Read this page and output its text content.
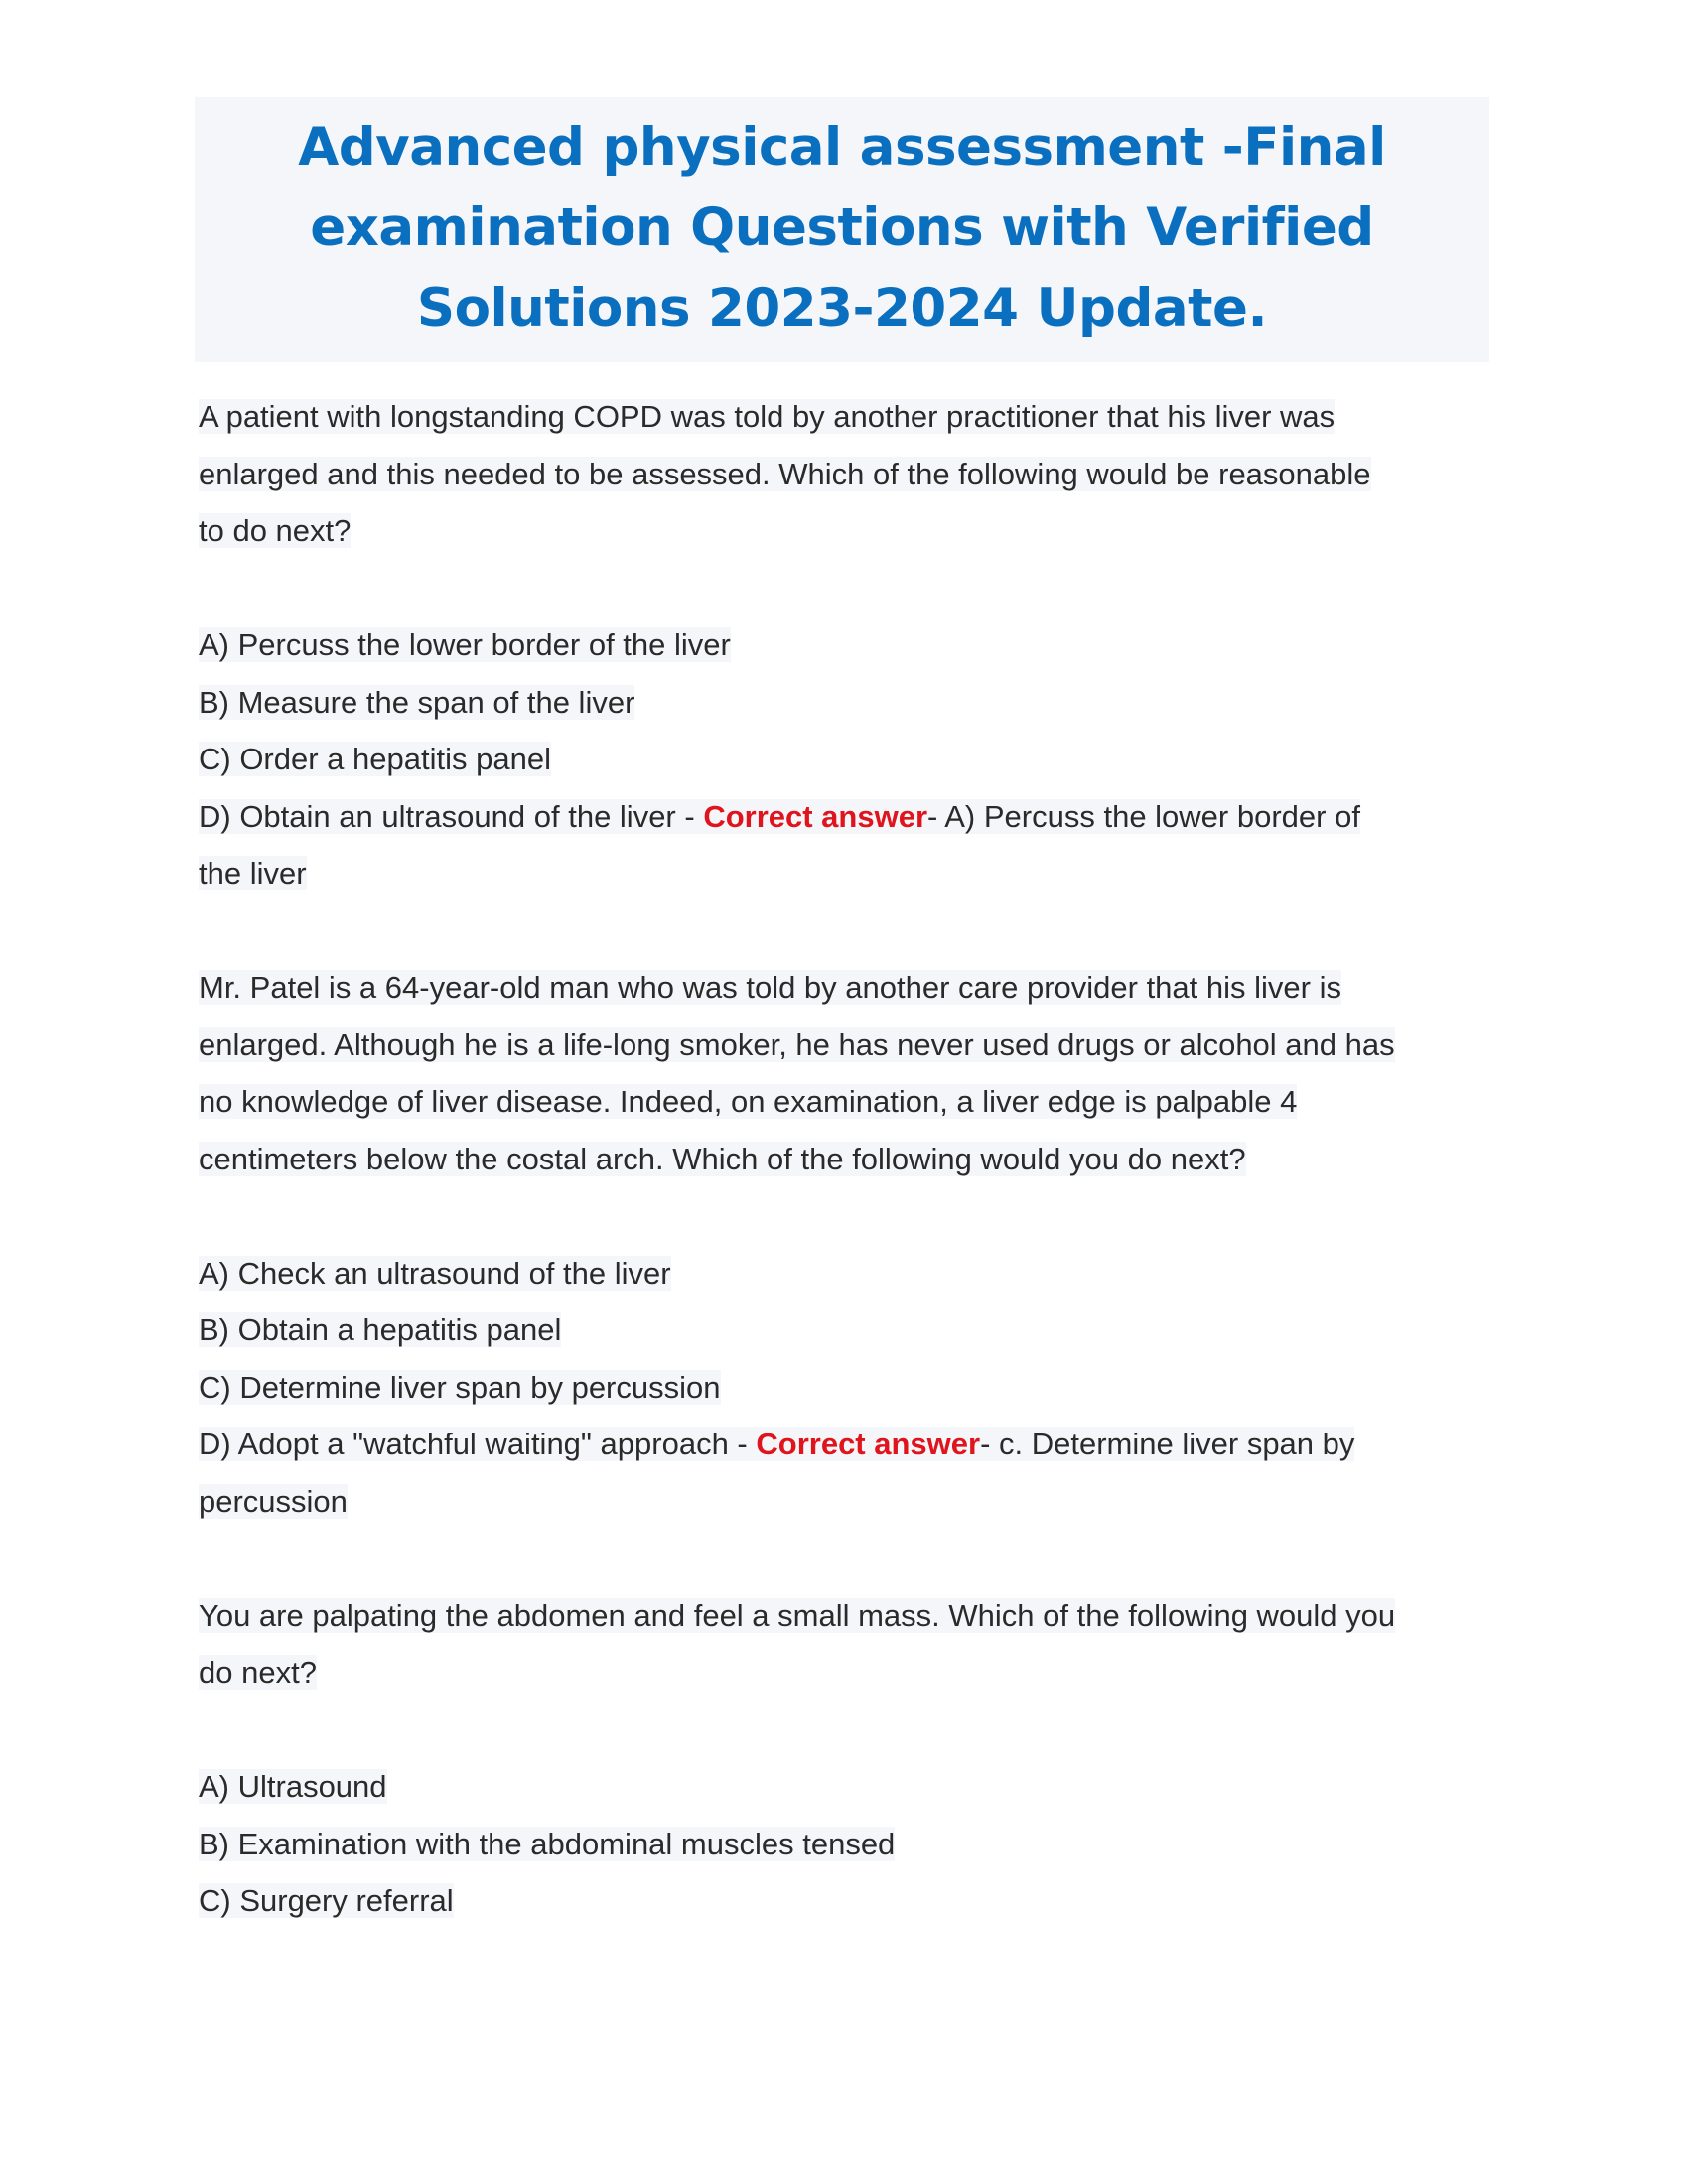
Advanced physical assessment -Final
examination Questions with Verified
Solutions 2023-2024 Update.
A patient with longstanding COPD was told by another practitioner that his liver was
enlarged and this needed to be assessed. Which of the following would be reasonable
to do next?
A) Percuss the lower border of the liver
B) Measure the span of the liver
C) Order a hepatitis panel
D) Obtain an ultrasound of the liver - Correct answer- A) Percuss the lower border of
the liver
Mr. Patel is a 64-year-old man who was told by another care provider that his liver is
enlarged. Although he is a life-long smoker, he has never used drugs or alcohol and has
no knowledge of liver disease. Indeed, on examination, a liver edge is palpable 4
centimeters below the costal arch. Which of the following would you do next?
A) Check an ultrasound of the liver
B) Obtain a hepatitis panel
C) Determine liver span by percussion
D) Adopt a "watchful waiting" approach - Correct answer- c. Determine liver span by
percussion
You are palpating the abdomen and feel a small mass. Which of the following would you
do next?
A) Ultrasound
B) Examination with the abdominal muscles tensed
C) Surgery referral
